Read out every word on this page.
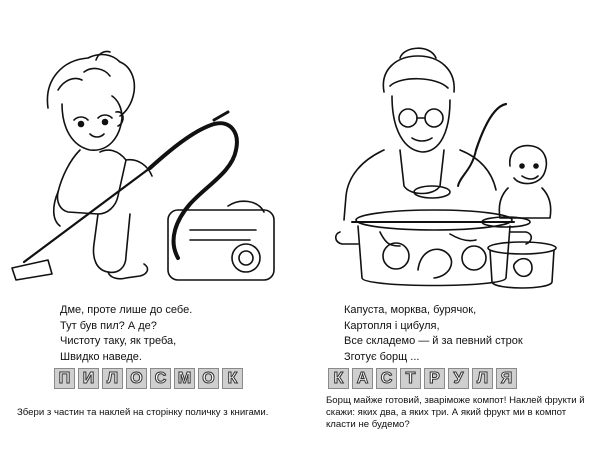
Дме, проте лише до себе.
Тут був пил? А де?
Чистоту таку, як треба,
Швидко наведе.
П И Л О С М О К
Збери з частин та наклей на сторінку поличку з книгами.
Капуста, морква, бурячок,
Картопля і цибуля,
Все складемо — й за певний строк
Зготує борщ ...
К А С Т Р У Л Я
Борщ майже готовий, зваріможе компот! Наклей фрукти й скажи: яких два, а яких три. А який фрукт ми в компот класти не будемо?
